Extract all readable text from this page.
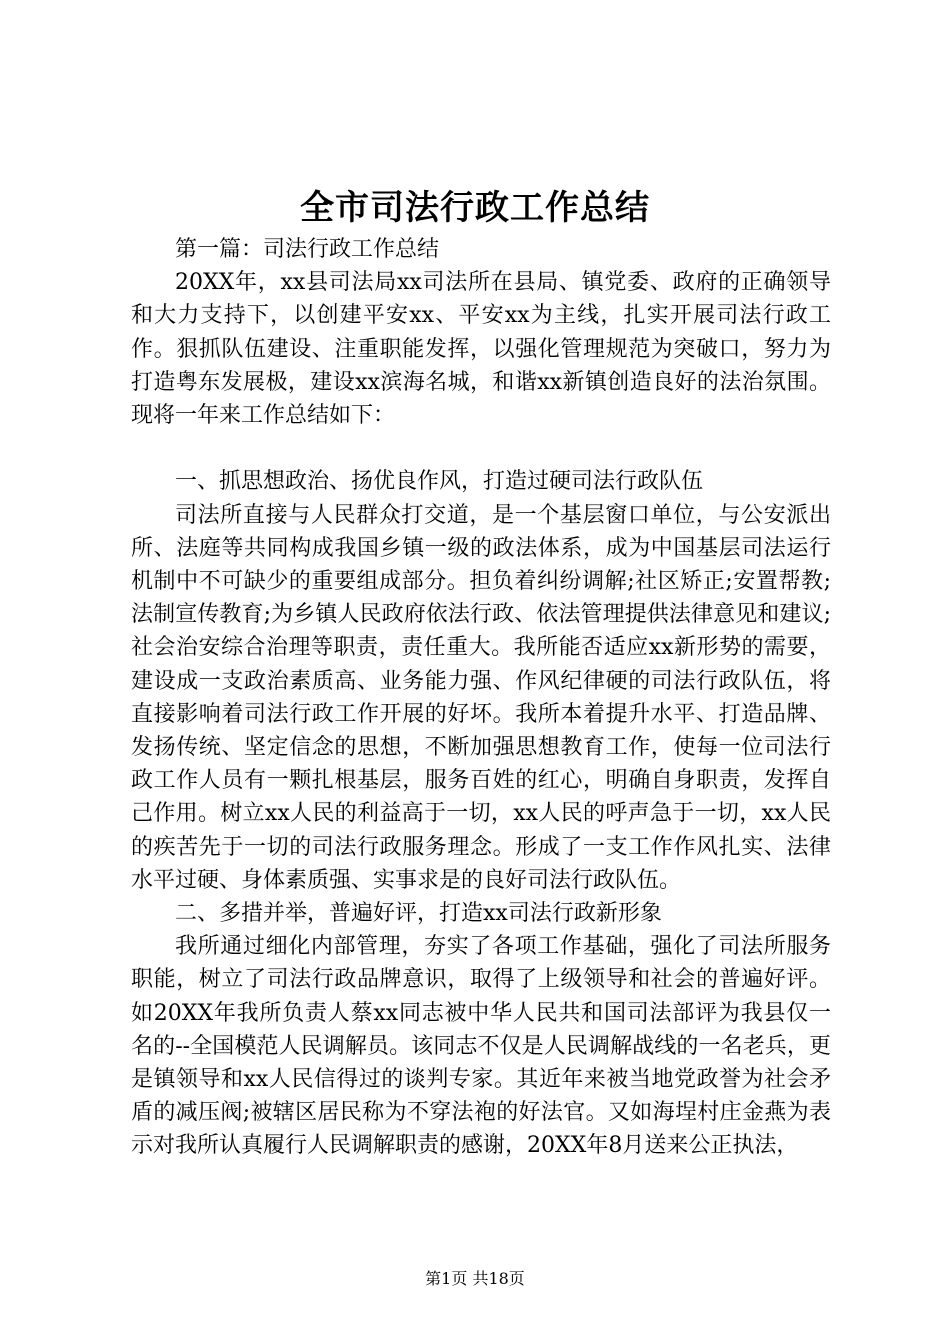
全市司法行政工作总结

第一篇：司法行政工作总结

20XX年，xx县司法局xx司法所在县局、镇党委、政府的正确领导和大力支持下，以创建平安xx、平安xx为主线，扎实开展司法行政工作。狠抓队伍建设、注重职能发挥，以强化管理规范为突破口，努力为打造粤东发展极，建设xx滨海名城，和谐xx新镇创造良好的法治氛围。现将一年来工作总结如下：

一、抓思想政治、扬优良作风，打造过硬司法行政队伍

司法所直接与人民群众打交道，是一个基层窗口单位，与公安派出所、法庭等共同构成我国乡镇一级的政法体系，成为中国基层司法运行机制中不可缺少的重要组成部分。担负着纠纷调解;社区矫正;安置帮教;法制宣传教育;为乡镇人民政府依法行政、依法管理提供法律意见和建议;社会治安综合治理等职责，责任重大。我所能否适应xx新形势的需要，建设成一支政治素质高、业务能力强、作风纪律硬的司法行政队伍，将直接影响着司法行政工作开展的好坏。我所本着提升水平、打造品牌、发扬传统、坚定信念的思想，不断加强思想教育工作，使每一位司法行政工作人员有一颗扎根基层，服务百姓的红心，明确自身职责，发挥自己作用。树立xx人民的利益高于一切，xx人民的呼声急于一切，xx人民的疾苦先于一切的司法行政服务理念。形成了一支工作作风扎实、法律水平过硬、身体素质强、实事求是的良好司法行政队伍。

二、多措并举，普遍好评，打造xx司法行政新形象

我所通过细化内部管理，夯实了各项工作基础，强化了司法所服务职能，树立了司法行政品牌意识，取得了上级领导和社会的普遍好评。如20XX年我所负责人蔡xx同志被中华人民共和国司法部评为我县仅一名的--全国模范人民调解员。该同志不仅是人民调解战线的一名老兵，更是镇领导和xx人民信得过的谈判专家。其近年来被当地党政誉为社会矛盾的减压阀;被辖区居民称为不穿法袍的好法官。又如海埕村庄金燕为表示对我所认真履行人民调解职责的感谢，20XX年8月送来公正执法，

第1页 共18页
